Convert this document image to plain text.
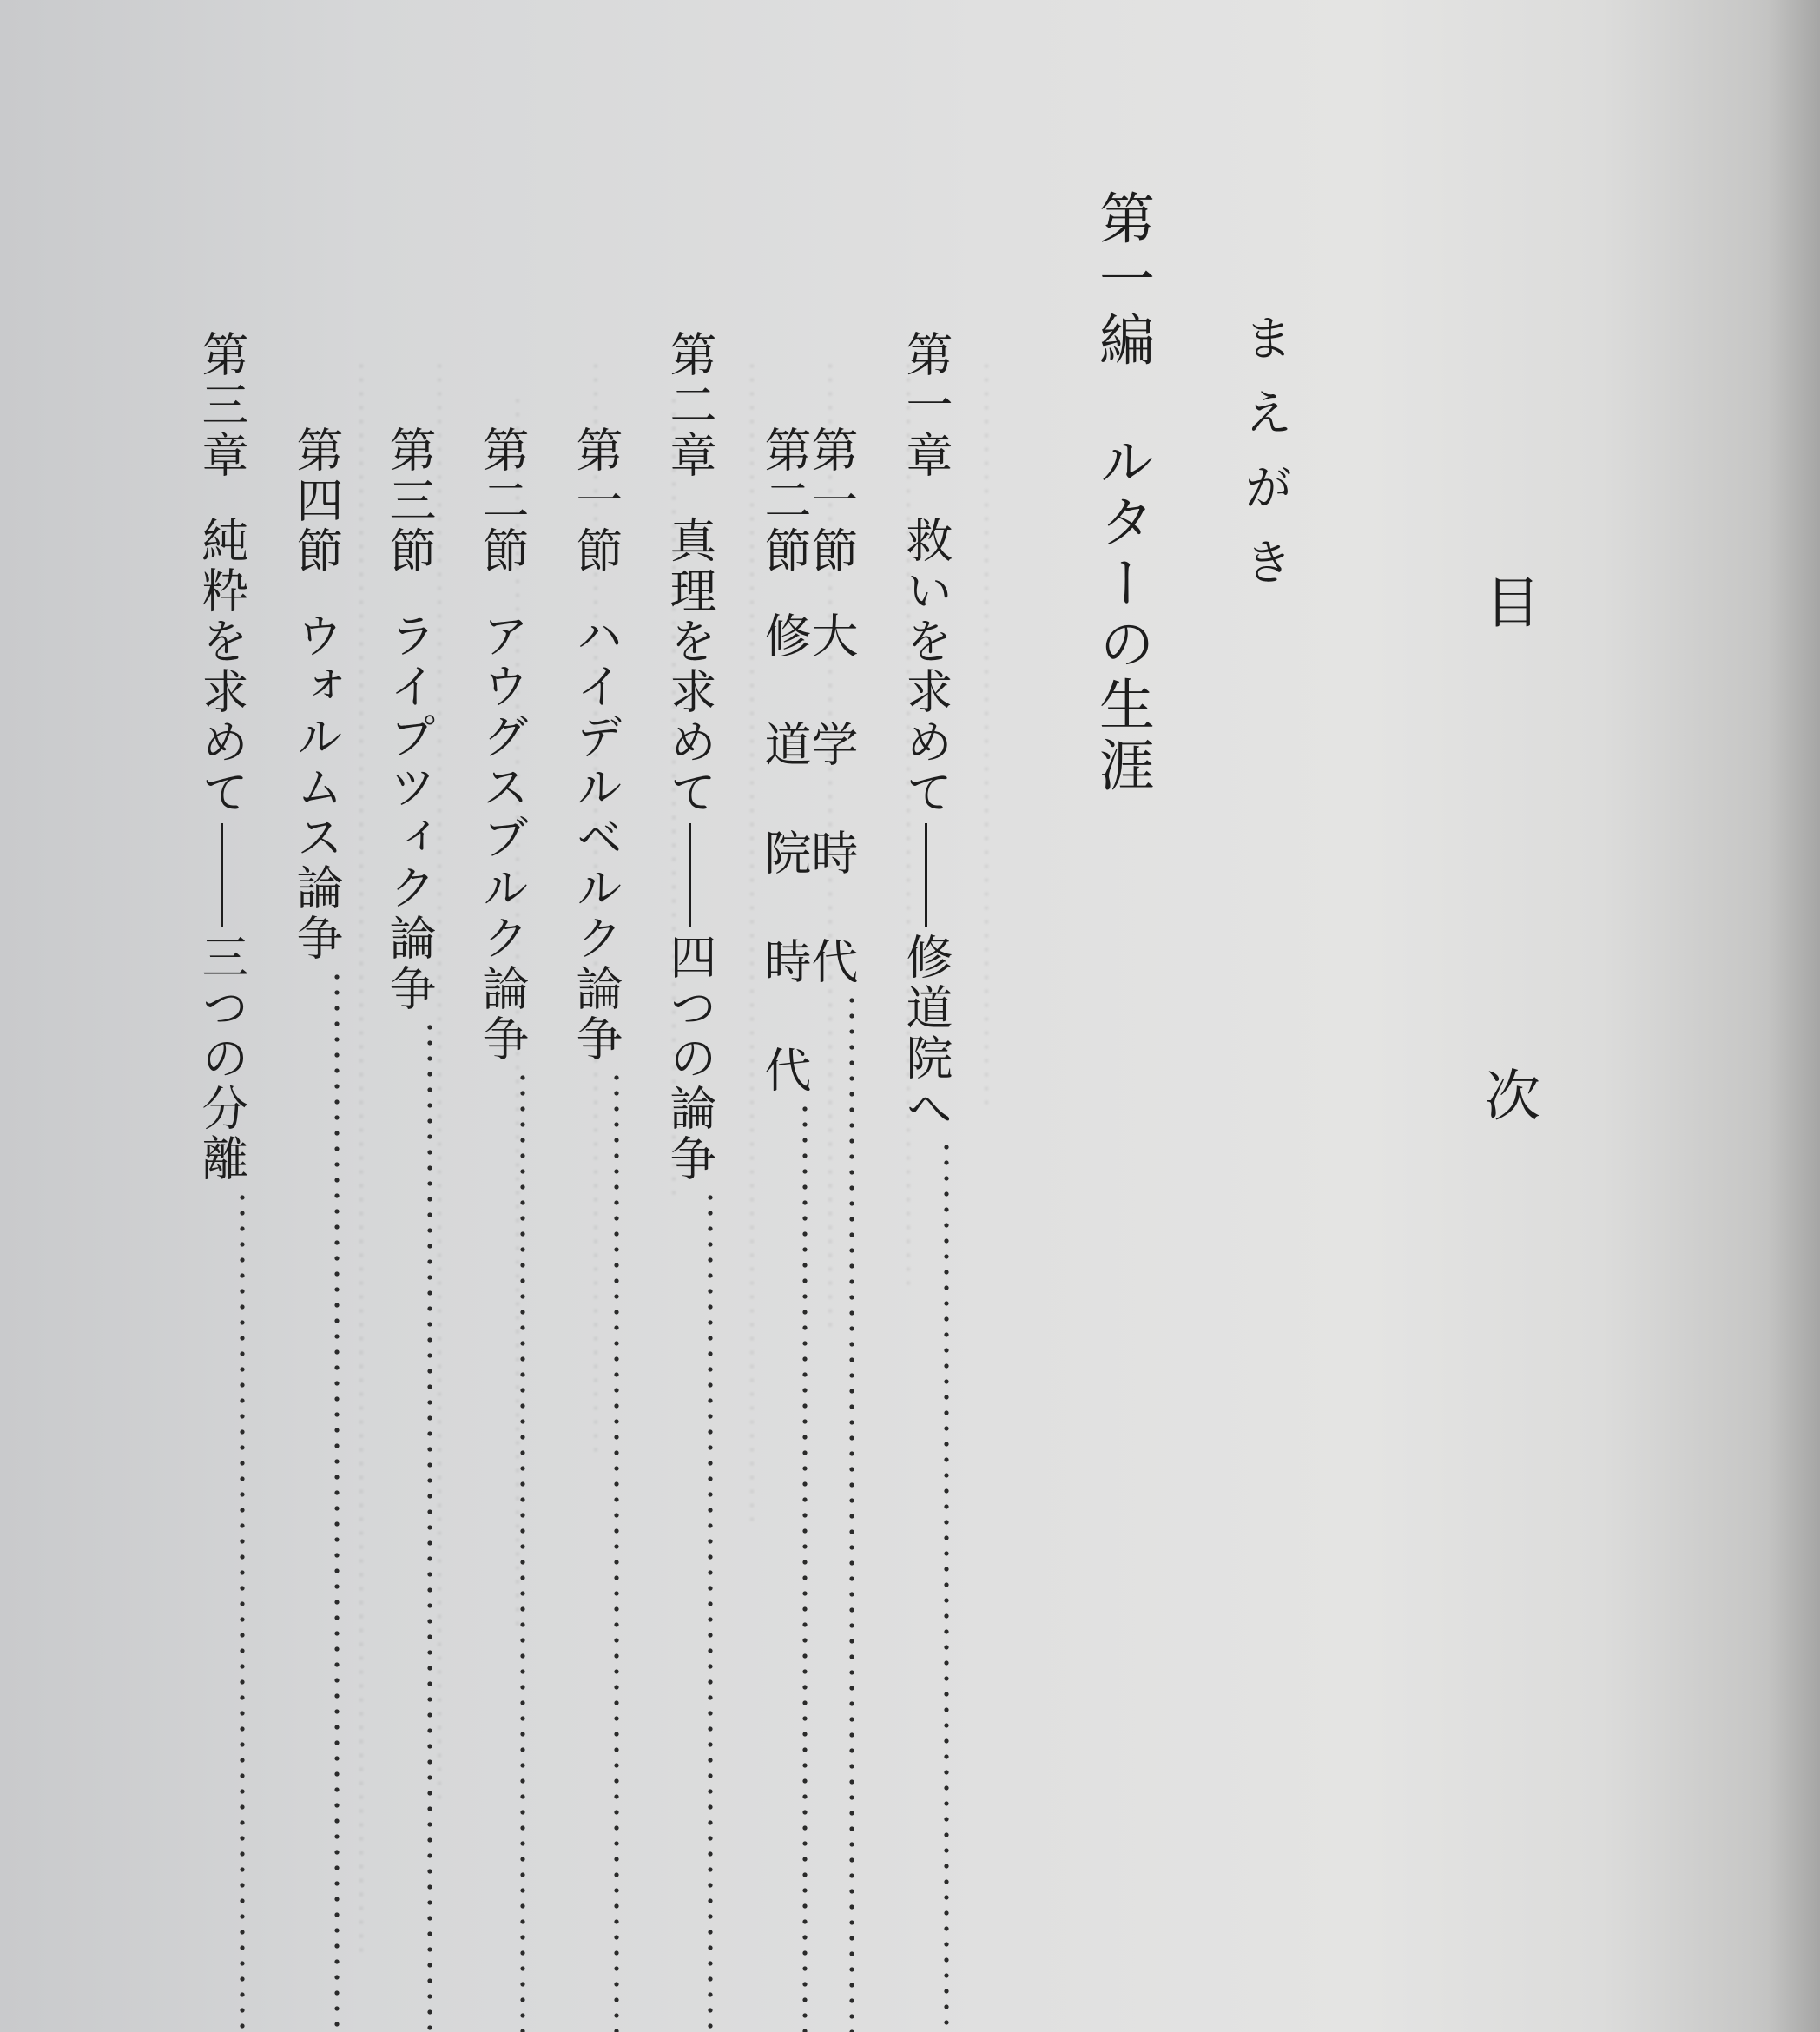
目　次
まえがき
第一編　ルターの生涯
第一章
救いを求めて
修道院へ
第一節
大 学 時 代
第二節
修 道 院 時 代
第二章
真理を求めて
四つの論争
第一節
ハイデルベルク論争
第二節
アウグスブルク論争
第三節
ライプツィク論争
第四節
ウォルムス論争
第三章
純粋を求めて
三つの分離
